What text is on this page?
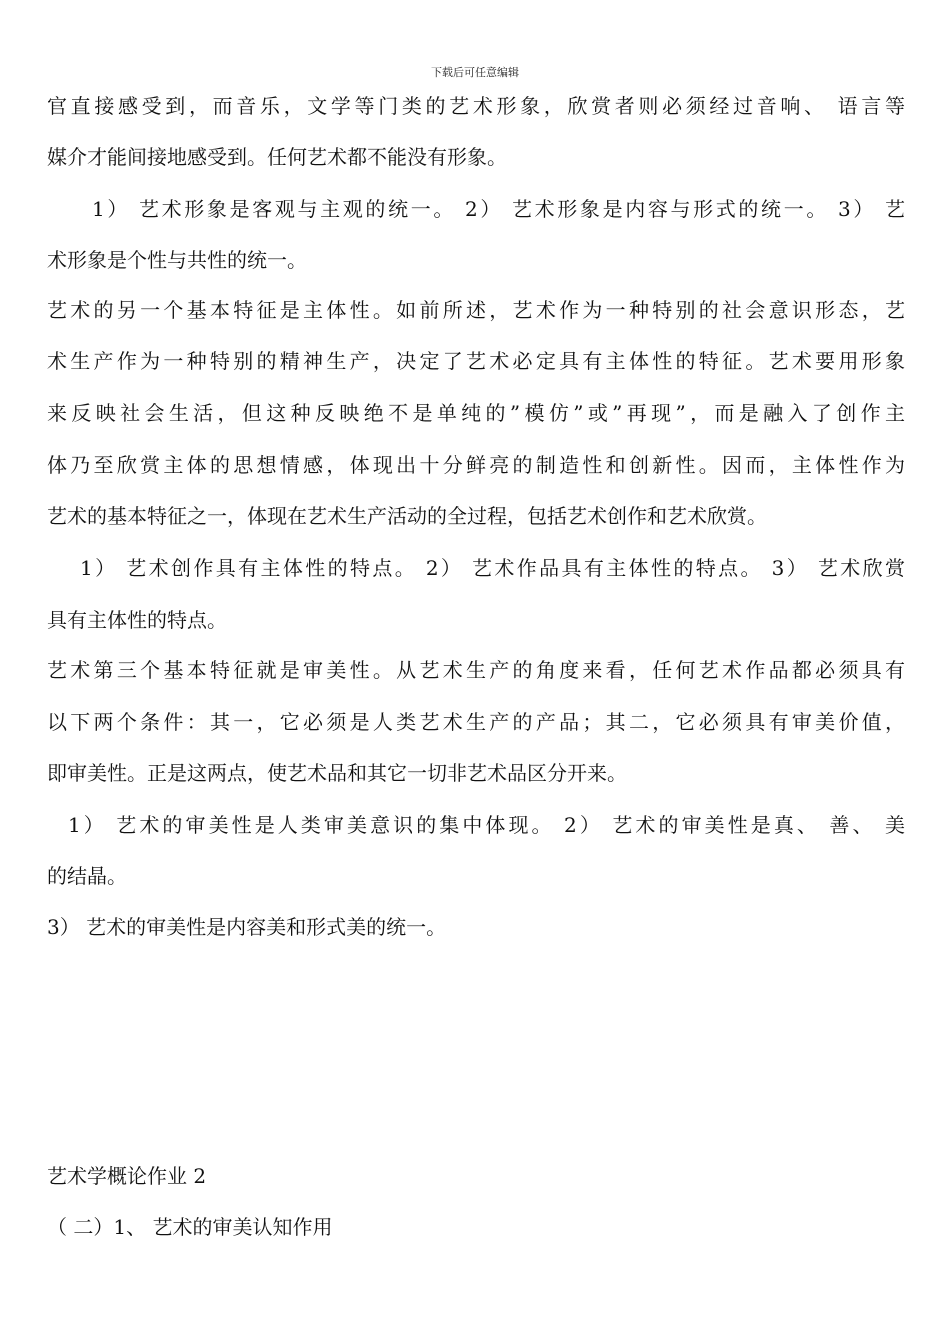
下载后可任意编辑
官直接感受到，而音乐，文学等门类的艺术形象，欣赏者则必须经过音响、 语言等
媒介才能间接地感受到。任何艺术都不能没有形象。
1） 艺术形象是客观与主观的统一。 2） 艺术形象是内容与形式的统一。 3） 艺
术形象是个性与共性的统一。
艺术的另一个基本特征是主体性。如前所述，艺术作为一种特别的社会意识形态，艺
术生产作为一种特别的精神生产，决定了艺术必定具有主体性的特征。艺术要用形象
来反映社会生活，但这种反映绝不是单纯的”模仿”或”再现”，而是融入了创作主
体乃至欣赏主体的思想情感，体现出十分鲜亮的制造性和创新性。因而，主体性作为
艺术的基本特征之一，体现在艺术生产活动的全过程，包括艺术创作和艺术欣赏。
1） 艺术创作具有主体性的特点。 2） 艺术作品具有主体性的特点。 3） 艺术欣赏
具有主体性的特点。
艺术第三个基本特征就是审美性。从艺术生产的角度来看，任何艺术作品都必须具有
以下两个条件：其一，它必须是人类艺术生产的产品；其二，它必须具有审美价值，
即审美性。正是这两点，使艺术品和其它一切非艺术品区分开来。
1） 艺术的审美性是人类审美意识的集中体现。 2） 艺术的审美性是真、 善、 美
的结晶。
3） 艺术的审美性是内容美和形式美的统一。
艺术学概论作业 2
（ 二）1、 艺术的审美认知作用
